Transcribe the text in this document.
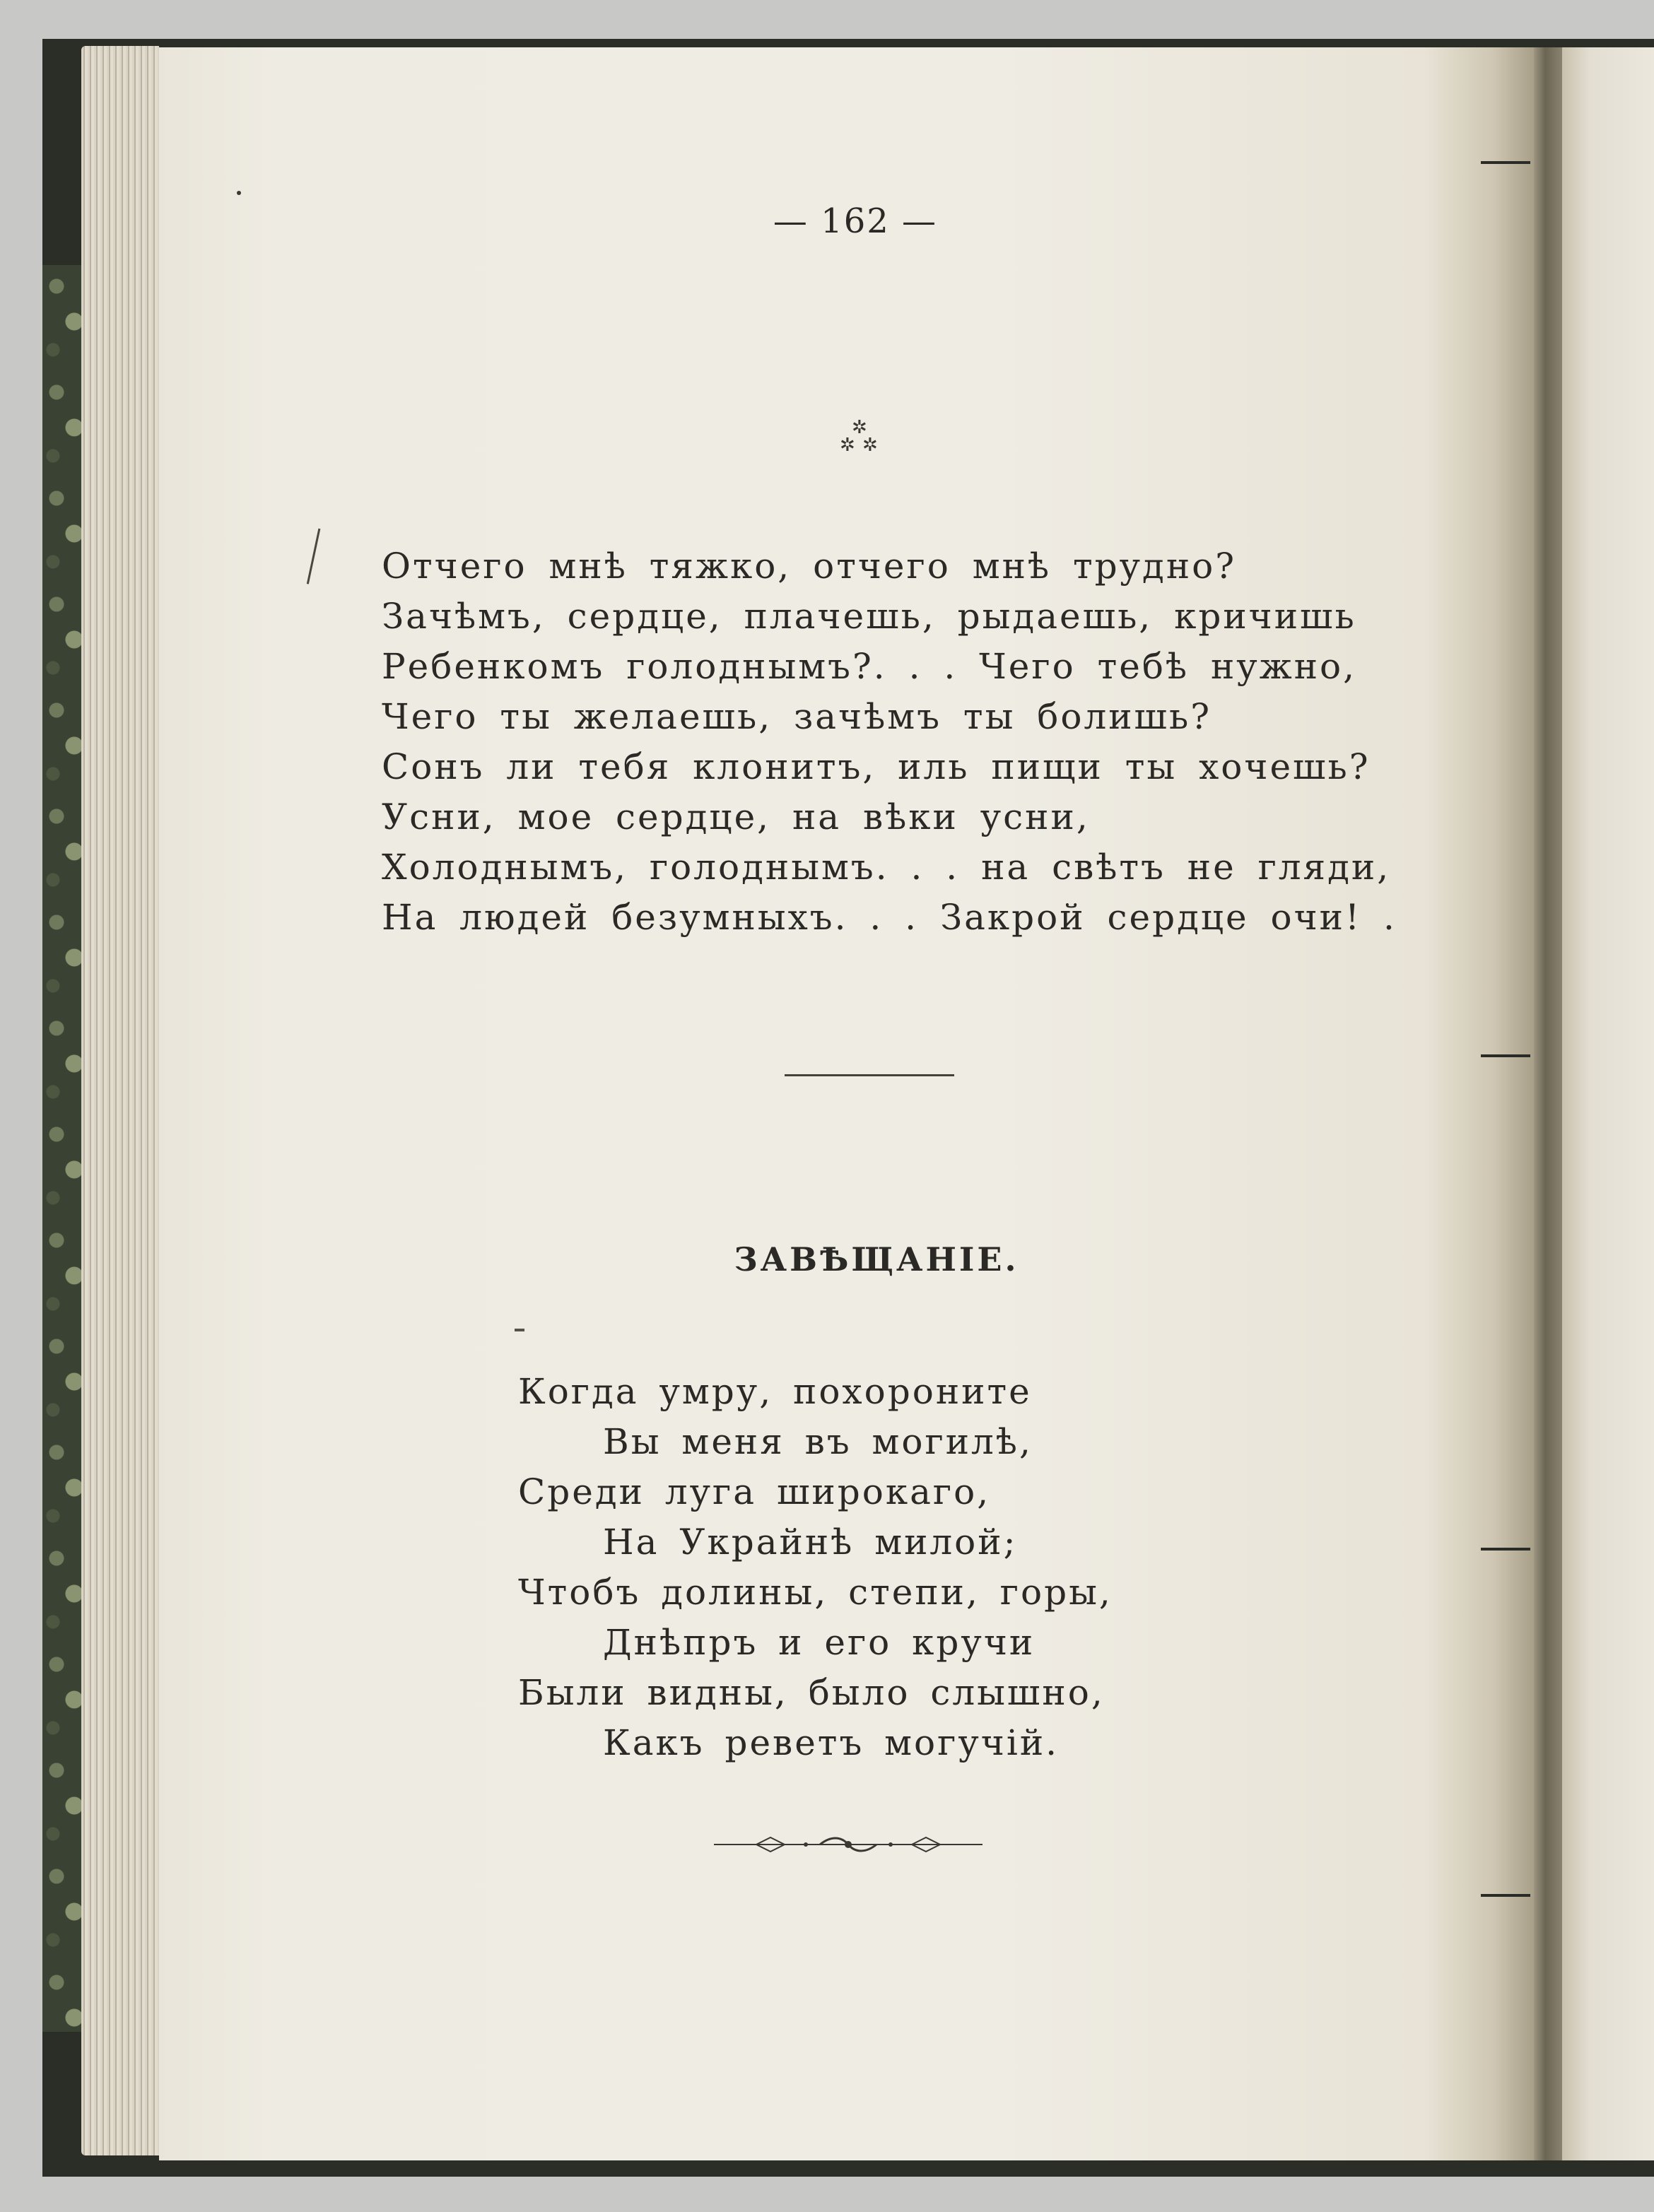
— 162 —
✲
✲ ✲
Отчего мнѣ тяжко, отчего мнѣ трудно?
Зачѣмъ, сердце, плачешь, рыдаешь, кричишь
Ребенкомъ голоднымъ?. . . Чего тебѣ нужно,
Чего ты желаешь, зачѣмъ ты болишь?
Сонъ ли тебя клонитъ, иль пищи ты хочешь?
Усни, мое сердце, на вѣки усни,
Холоднымъ, голоднымъ. . . на свѣтъ не гляди,
На людей безумныхъ. . . Закрой сердце очи! .
ЗАВѢЩАНІЕ.
Когда умру, похороните
Вы меня въ могилѣ,
Среди луга широкаго,
На Украйнѣ милой;
Чтобъ долины, степи, горы,
Днѣпръ и его кручи
Были видны, было слышно,
Какъ реветъ могучій.
